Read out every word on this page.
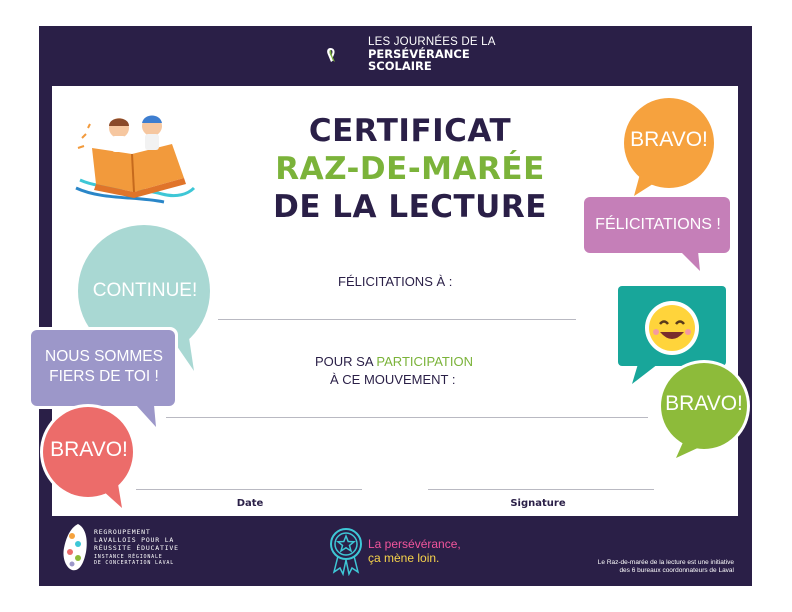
LES JOURNÉES DE LA
PERSÉVÉRANCE
SCOLAIRE
CERTIFICAT
RAZ-DE-MARÉE
DE LA LECTURE
FÉLICITATIONS À :
POUR SA PARTICIPATION
À CE MOUVEMENT :
Date	Signature
BRAVO!
FÉLICITATIONS !
BRAVO!
CONTINUE!
NOUS SOMMES
FIERS DE TOI !
BRAVO!
REGROUPEMENT
LAVALLOIS POUR LA
RÉUSSITE ÉDUCATIVE
INSTANCE RÉGIONALE
DE CONCERTATION LAVAL
La persévérance,
ça mène loin.	Le Raz-de-marée de la lecture est une initiative
des 6 bureaux coordonnateurs de Laval
